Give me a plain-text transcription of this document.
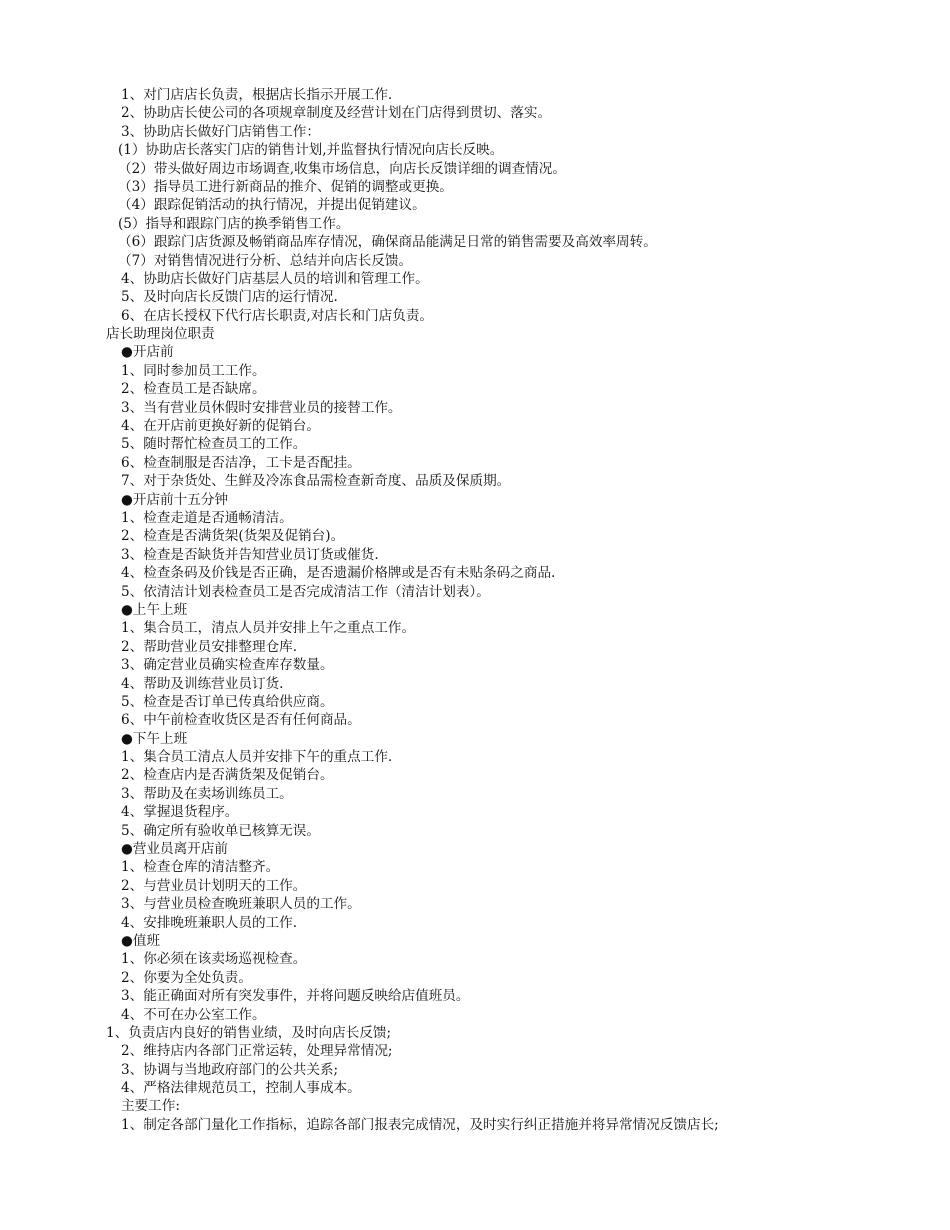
1、对门店店长负责，根据店长指示开展工作.
2、协助店长使公司的各项规章制度及经营计划在门店得到贯切、落实。
3、协助店长做好门店销售工作：
(1）协助店长落实门店的销售计划,并监督执行情况向店长反映。
（2）带头做好周边市场调查,收集市场信息，向店长反馈详细的调查情况。
（3）指导员工进行新商品的推介、促销的调整或更换。
（4）跟踪促销活动的执行情况，并提出促销建议。
(5）指导和跟踪门店的换季销售工作。
（6）跟踪门店货源及畅销商品库存情况，确保商品能满足日常的销售需要及高效率周转。
（7）对销售情况进行分析、总结并向店长反馈。
4、协助店长做好门店基层人员的培训和管理工作。
5、及时向店长反馈门店的运行情况.
6、在店长授权下代行店长职责,对店长和门店负责。
店长助理岗位职责
●开店前
1、同时参加员工工作。
2、检查员工是否缺席。
3、当有营业员休假时安排营业员的接替工作。
4、在开店前更换好新的促销台。
5、随时帮忙检查员工的工作。
6、检查制服是否洁净，工卡是否配挂。
7、对于杂货处、生鲜及冷冻食品需检查新奇度、品质及保质期。
●开店前十五分钟
1、检查走道是否通畅清洁。
2、检查是否满货架(货架及促销台)。
3、检查是否缺货并告知营业员订货或催货.
4、检查条码及价钱是否正确，是否遗漏价格牌或是否有未贴条码之商品.
5、依清洁计划表检查员工是否完成清洁工作（清洁计划表）。
●上午上班
1、集合员工，清点人员并安排上午之重点工作。
2、帮助营业员安排整理仓库.
3、确定营业员确实检查库存数量。
4、帮助及训练营业员订货.
5、检查是否订单已传真给供应商。
6、中午前检查收货区是否有任何商品。
●下午上班
1、集合员工清点人员并安排下午的重点工作.
2、检查店内是否满货架及促销台。
3、帮助及在卖场训练员工。
4、掌握退货程序。
5、确定所有验收单已核算无误。
●营业员离开店前
1、检查仓库的清洁整齐。
2、与营业员计划明天的工作。
3、与营业员检查晚班兼职人员的工作。
4、安排晚班兼职人员的工作.
●值班
1、你必须在该卖场巡视检查。
2、你要为全处负责。
3、能正确面对所有突发事件，并将问题反映给店值班员。
4、不可在办公室工作。
1、负责店内良好的销售业绩，及时向店长反馈;
2、维持店内各部门正常运转，处理异常情况;
3、协调与当地政府部门的公共关系;
4、严格法律规范员工，控制人事成本。
主要工作:
1、制定各部门量化工作指标，追踪各部门报表完成情况，及时实行纠正措施并将异常情况反馈店长;
